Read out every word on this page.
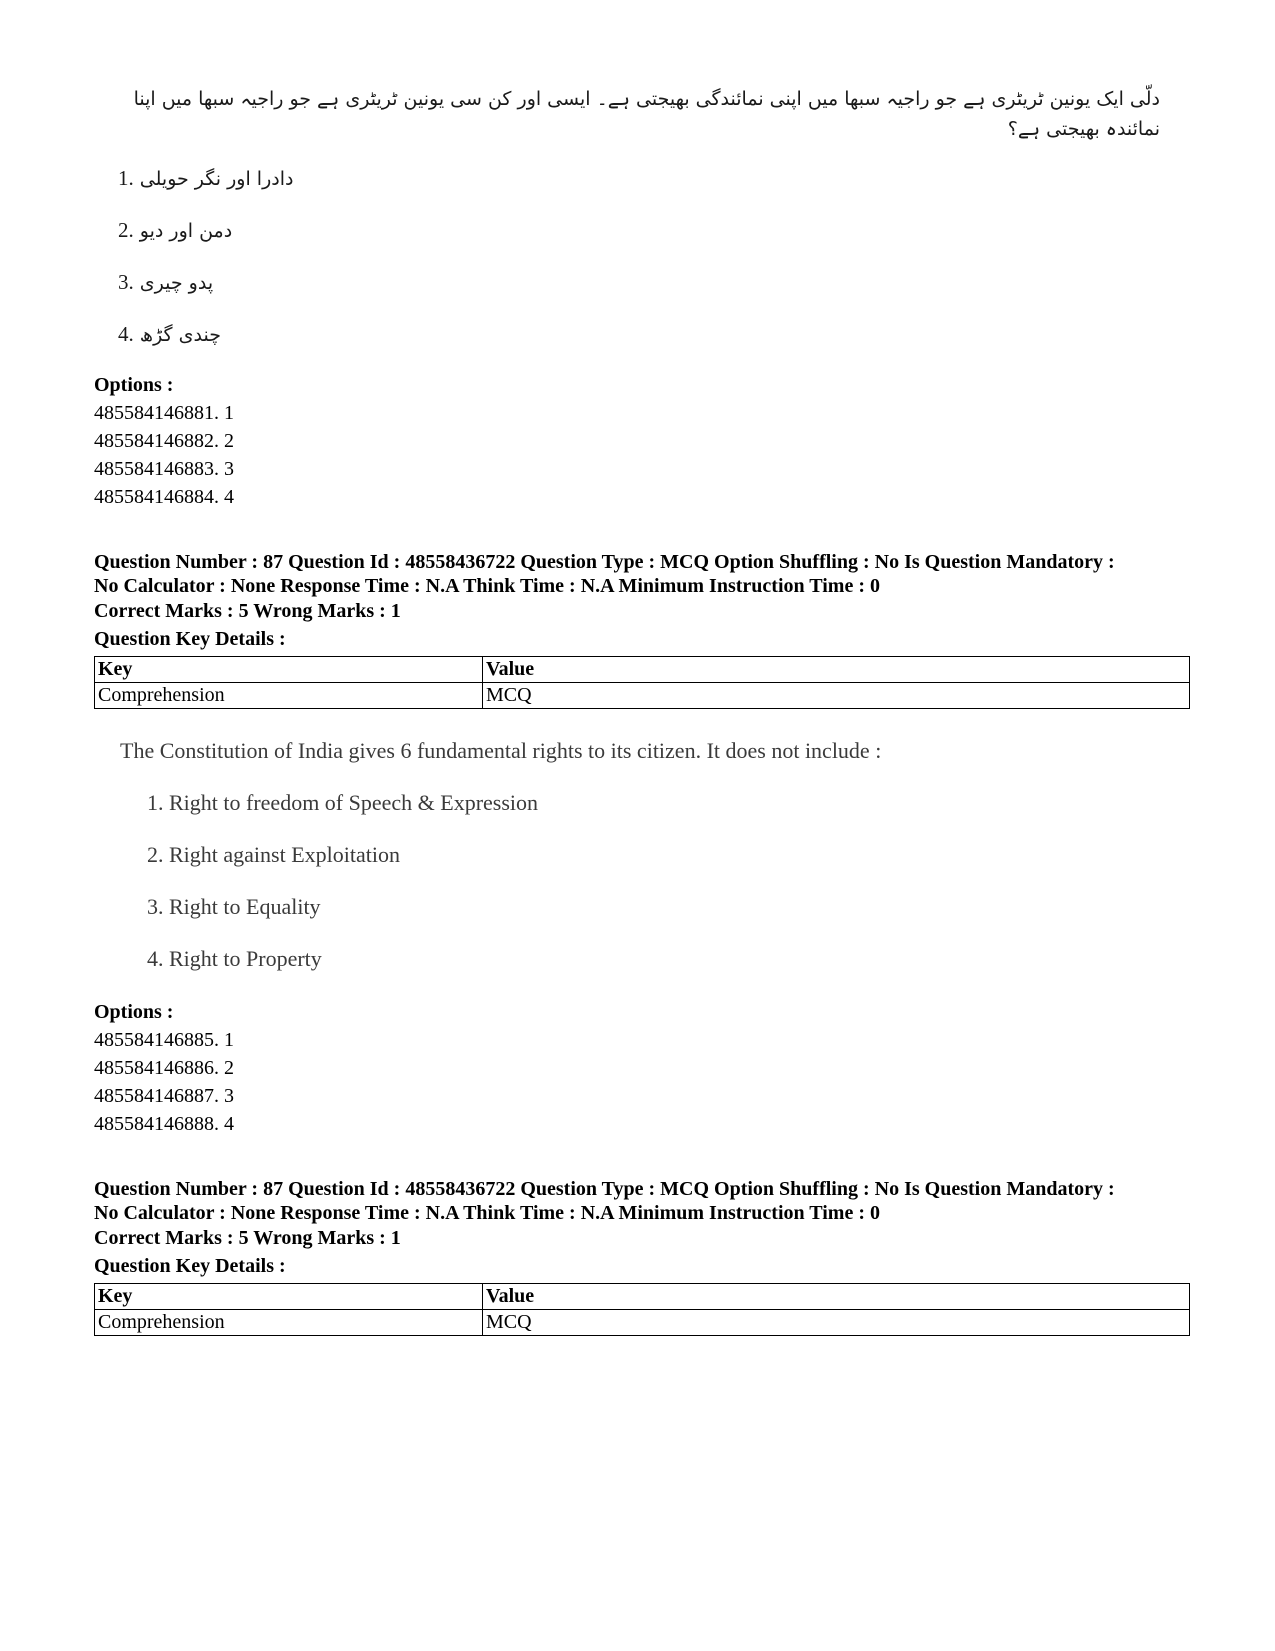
دلّی ایک یونین ٹریٹری ہے جو راجیہ سبھا میں اپنی نمائندگی بھیجتی ہے۔ ایسی اور کن سی یونین ٹریٹری ہے جو راجیہ سبھا میں اپنا
نمائندہ بھیجتی ہے؟
1. دادرا اور نگر حویلی
2. دمن اور دیو
3. پدو چیری
4. چندی گڑھ
Options :
485584146881. 1
485584146882. 2
485584146883. 3
485584146884. 4
Question Number : 87 Question Id : 48558436722 Question Type : MCQ Option Shuffling : No Is Question Mandatory :
No Calculator : None Response Time : N.A Think Time : N.A Minimum Instruction Time : 0
Correct Marks : 5 Wrong Marks : 1
Question Key Details :
Key	Value
Comprehension	MCQ
The Constitution of India gives 6 fundamental rights to its citizen. It does not include :
1. Right to freedom of Speech & Expression
2. Right against Exploitation
3. Right to Equality
4. Right to Property
Options :
485584146885. 1
485584146886. 2
485584146887. 3
485584146888. 4
Question Number : 87 Question Id : 48558436722 Question Type : MCQ Option Shuffling : No Is Question Mandatory :
No Calculator : None Response Time : N.A Think Time : N.A Minimum Instruction Time : 0
Correct Marks : 5 Wrong Marks : 1
Question Key Details :
Key	Value
Comprehension	MCQ
